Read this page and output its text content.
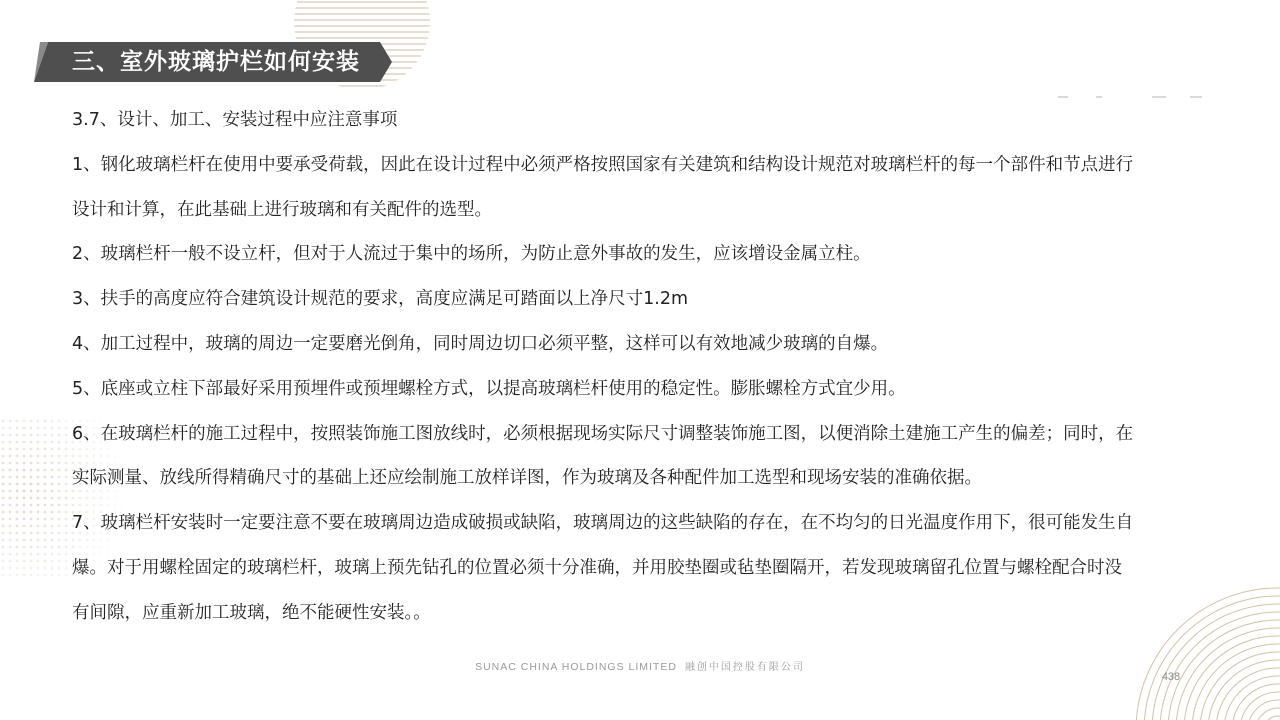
三、室外玻璃护栏如何安装
3.7、设计、加工、安装过程中应注意事项
1、钢化玻璃栏杆在使用中要承受荷载，因此在设计过程中必须严格按照国家有关建筑和结构设计规范对玻璃栏杆的每一个部件和节点进行
设计和计算，在此基础上进行玻璃和有关配件的选型。
2、玻璃栏杆一般不设立杆，但对于人流过于集中的场所，为防止意外事故的发生，应该增设金属立柱。
3、扶手的高度应符合建筑设计规范的要求，高度应满足可踏面以上净尺寸1.2m
4、加工过程中，玻璃的周边一定要磨光倒角，同时周边切口必须平整，这样可以有效地减少玻璃的自爆。
5、底座或立柱下部最好采用预埋件或预埋螺栓方式，以提高玻璃栏杆使用的稳定性。膨胀螺栓方式宜少用。
6、在玻璃栏杆的施工过程中，按照装饰施工图放线时，必须根据现场实际尺寸调整装饰施工图，以便消除土建施工产生的偏差；同时，在
实际测量、放线所得精确尺寸的基础上还应绘制施工放样详图，作为玻璃及各种配件加工选型和现场安装的准确依据。
7、玻璃栏杆安装时一定要注意不要在玻璃周边造成破损或缺陷，玻璃周边的这些缺陷的存在，在不均匀的日光温度作用下，很可能发生自
爆。对于用螺栓固定的玻璃栏杆，玻璃上预先钻孔的位置必须十分准确，并用胶垫圈或毡垫圈隔开，若发现玻璃留孔位置与螺栓配合时没
有间隙，应重新加工玻璃，绝不能硬性安装。。
SUNAC CHINA HOLDINGS LIMITED 融创中国控股有限公司
438
